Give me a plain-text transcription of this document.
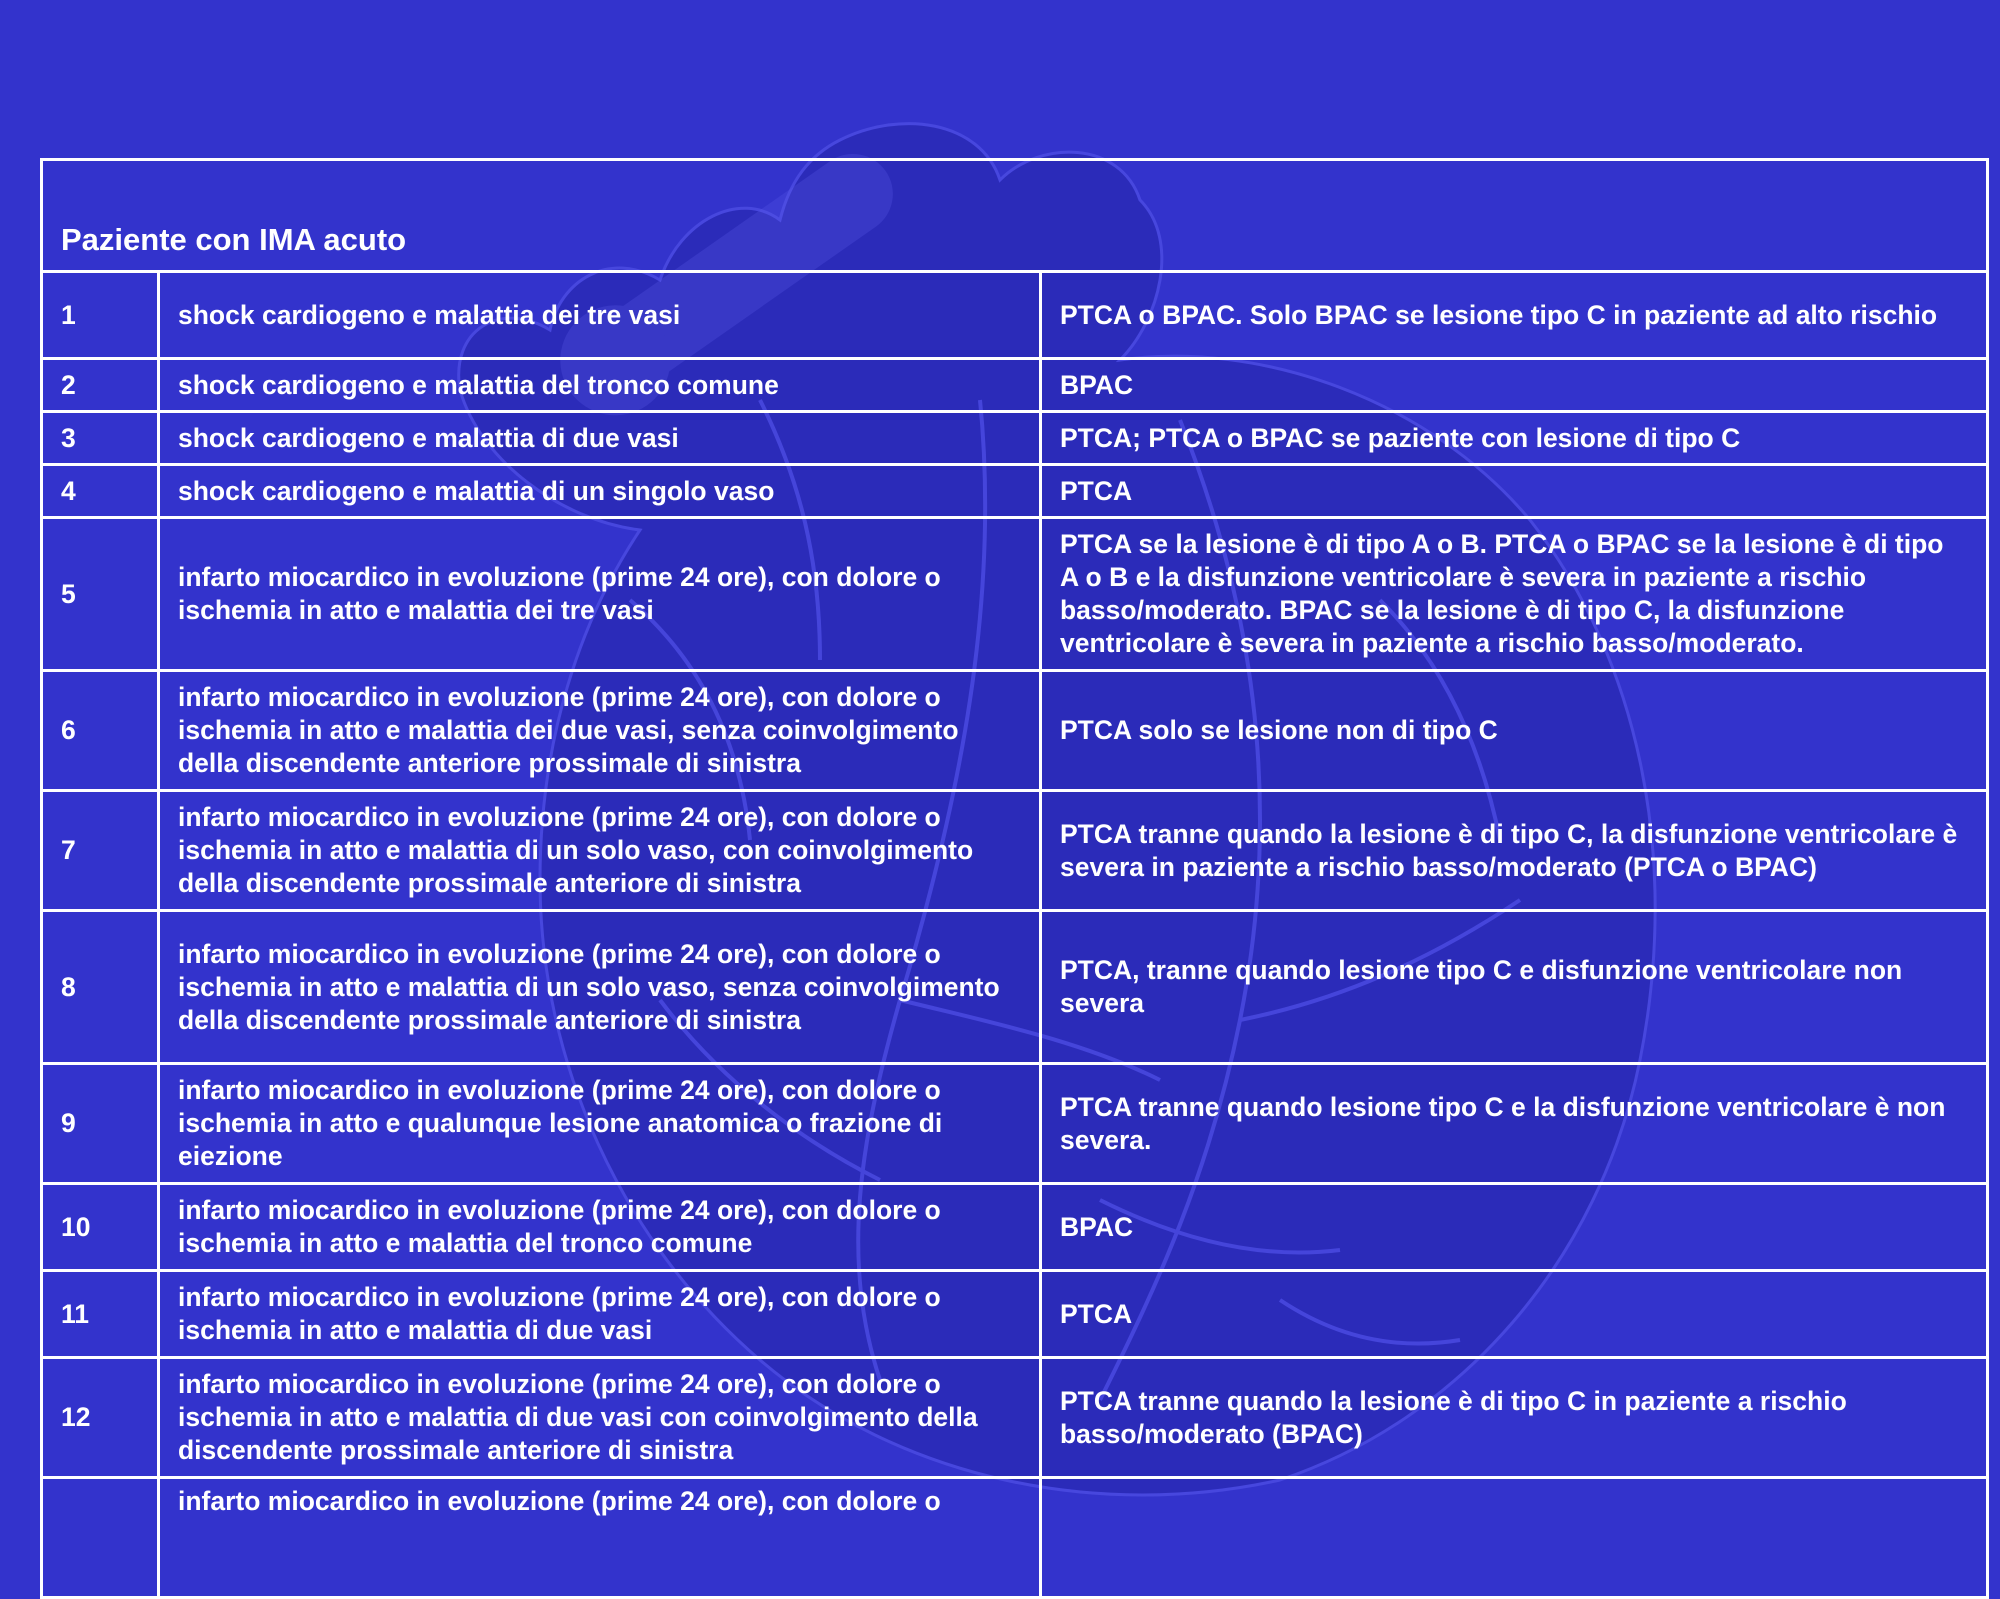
Paziente con IMA acuto		
1	shock cardiogeno e malattia dei tre vasi	PTCA o BPAC. Solo BPAC se lesione tipo C in paziente ad alto rischio
2	shock cardiogeno e malattia del tronco comune	BPAC
3	shock cardiogeno e malattia di due vasi	PTCA; PTCA o BPAC se paziente con lesione di tipo C
4	shock cardiogeno e malattia di un singolo vaso	PTCA
5	infarto miocardico in evoluzione (prime 24 ore), con dolore o ischemia in atto e malattia dei tre vasi	PTCA se la lesione è di tipo A o B. PTCA o BPAC se la lesione è di tipo A o B e la disfunzione ventricolare è severa in paziente a rischio basso/moderato. BPAC se la lesione è di tipo C, la disfunzione ventricolare è severa in paziente a rischio basso/moderato.
6	infarto miocardico in evoluzione (prime 24 ore), con dolore o ischemia in atto e malattia dei due vasi, senza coinvolgimento della discendente anteriore prossimale di sinistra	PTCA solo se lesione non di tipo C
7	infarto miocardico in evoluzione (prime 24 ore), con dolore o ischemia in atto e malattia di un solo vaso, con coinvolgimento della discendente prossimale anteriore di sinistra	PTCA tranne quando la lesione è di tipo C, la disfunzione ventricolare è severa in paziente a rischio basso/moderato (PTCA o BPAC)
8	infarto miocardico in evoluzione (prime 24 ore), con dolore o ischemia in atto e malattia di un solo vaso, senza coinvolgimento della discendente prossimale anteriore di sinistra	PTCA, tranne quando lesione tipo C e disfunzione ventricolare non severa
9	infarto miocardico in evoluzione (prime 24 ore), con dolore o ischemia in atto e qualunque lesione anatomica o frazione di eiezione	PTCA tranne quando lesione tipo C e la disfunzione ventricolare è non severa.
10	infarto miocardico in evoluzione (prime 24 ore), con dolore o ischemia in atto e malattia del tronco comune	BPAC
11	infarto miocardico in evoluzione (prime 24 ore), con dolore o ischemia in atto e malattia di due vasi	PTCA
12	infarto miocardico in evoluzione (prime 24 ore), con dolore o ischemia in atto e malattia di due vasi con coinvolgimento della discendente prossimale anteriore di sinistra	PTCA tranne quando la lesione è di tipo C in paziente a rischio basso/moderato (BPAC)
	infarto miocardico in evoluzione (prime 24 ore), con dolore o	
